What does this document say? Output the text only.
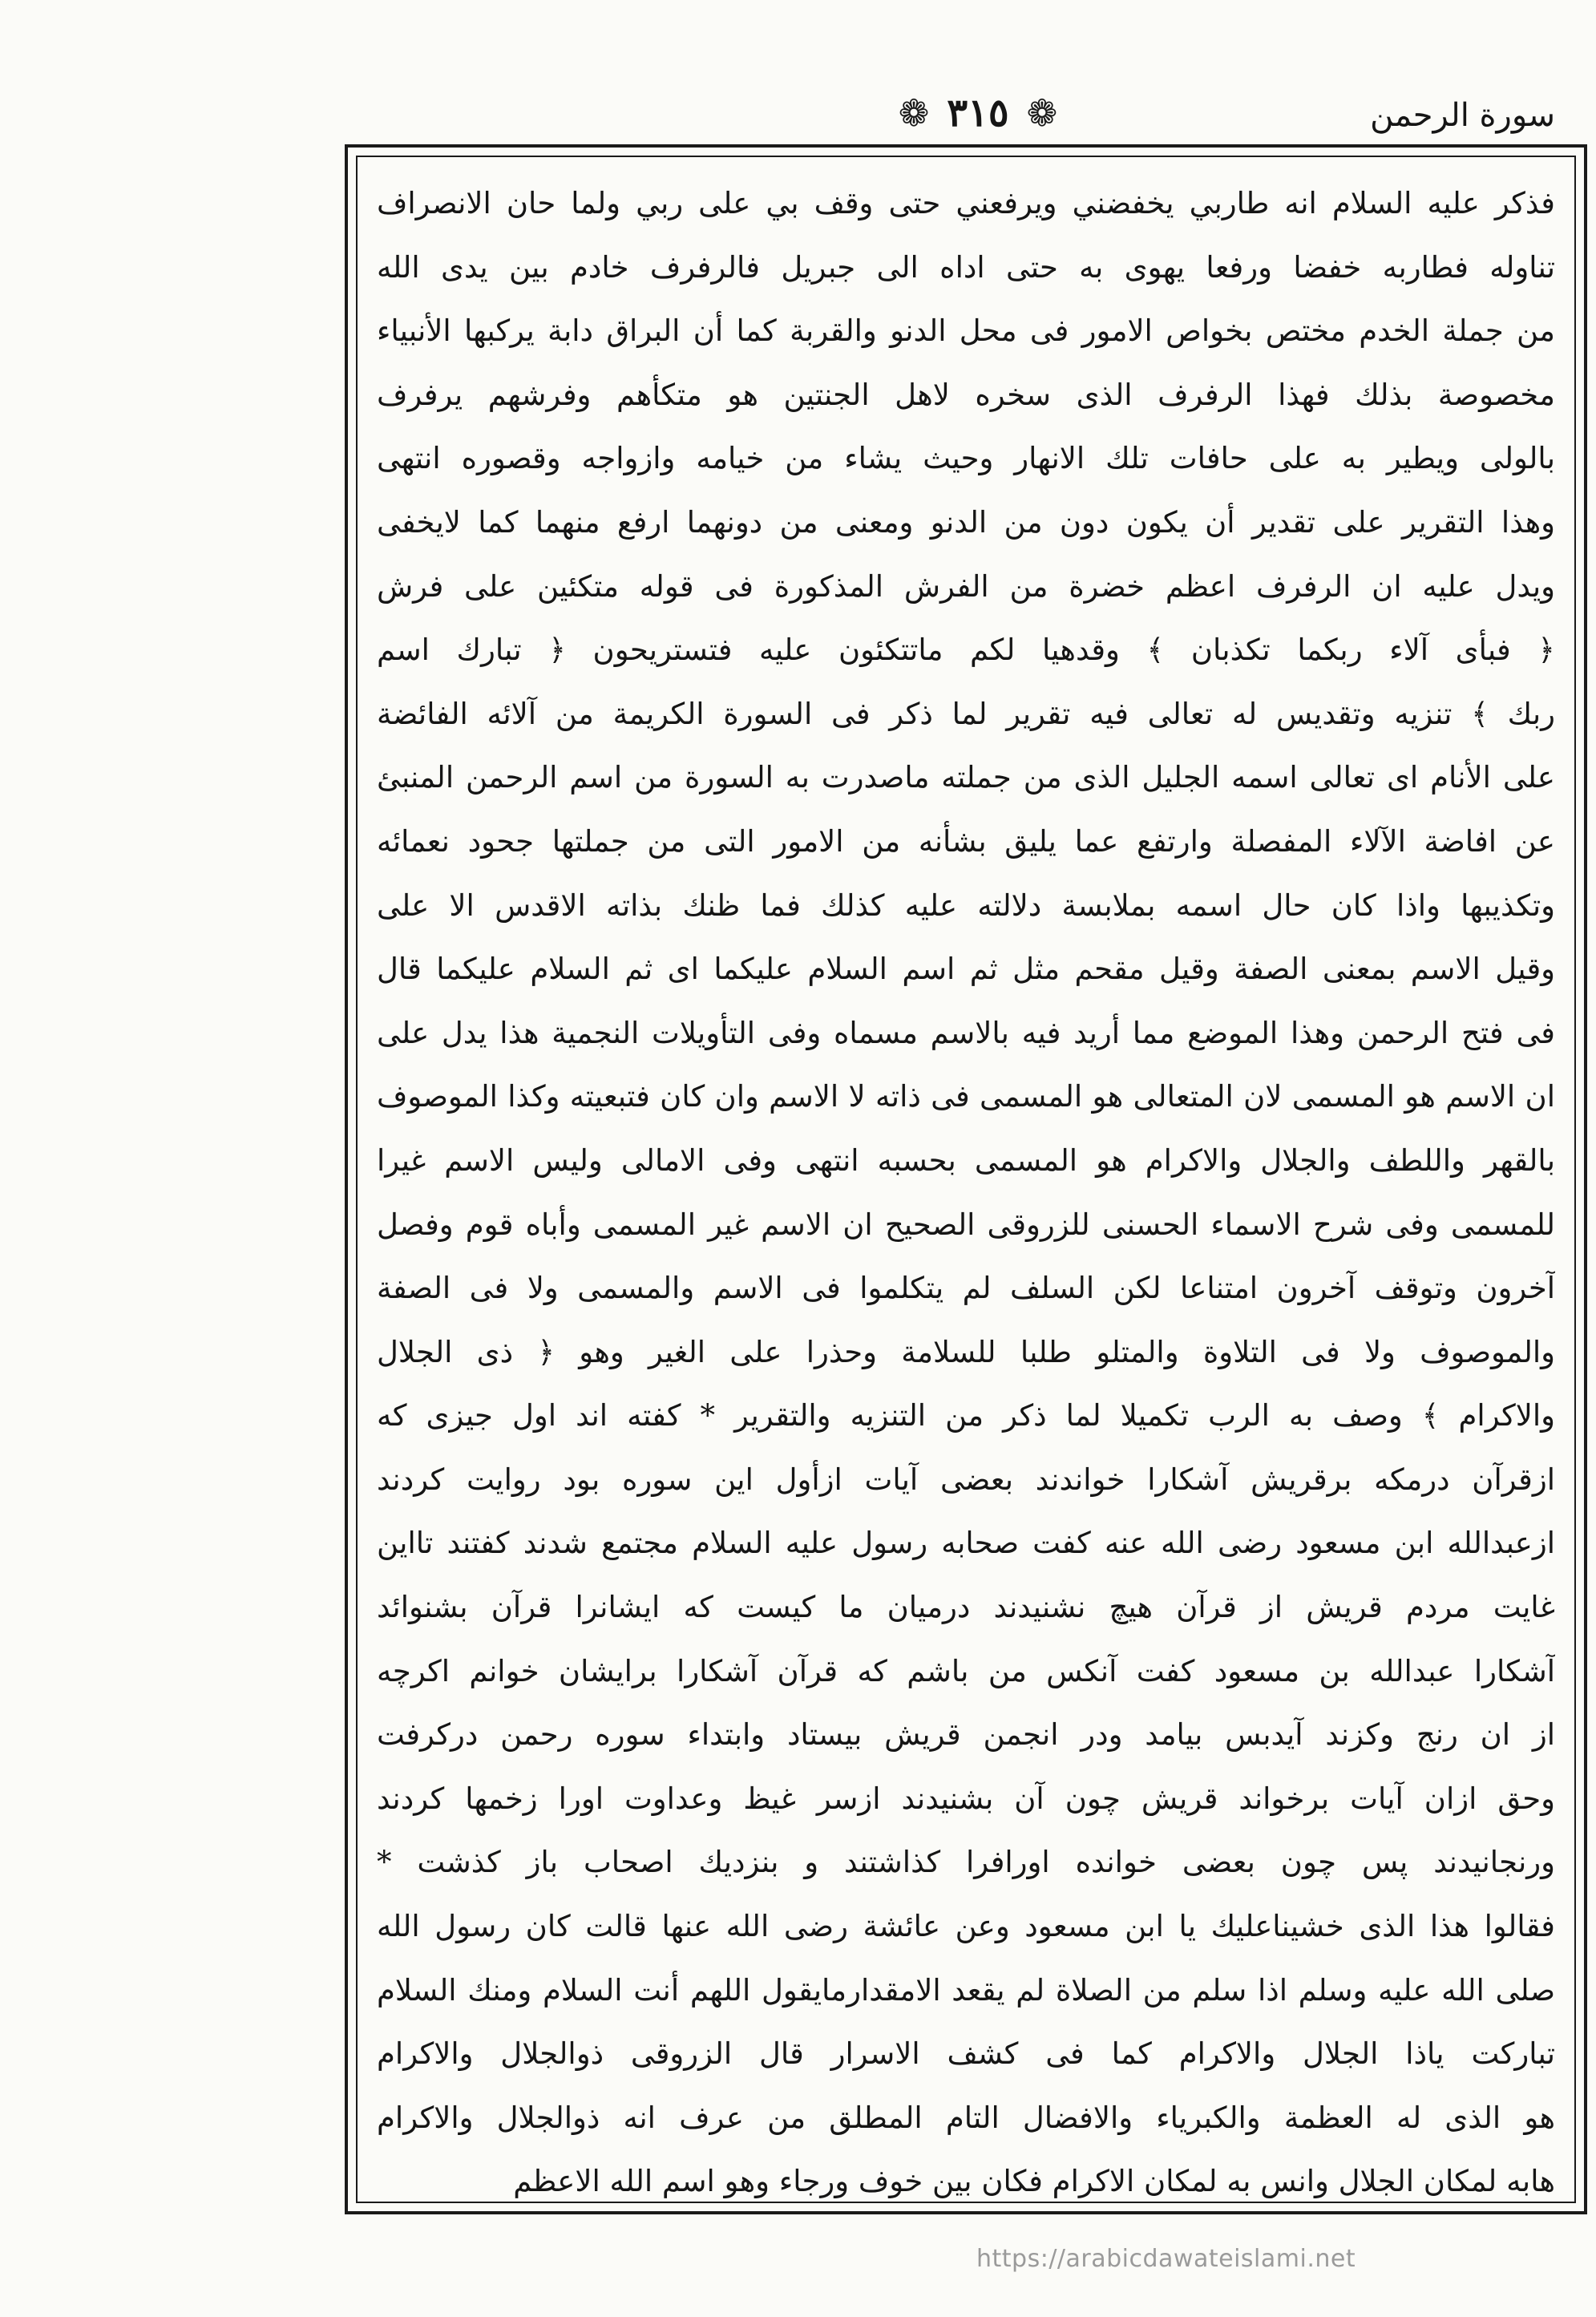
❁ ٣١٥ ❁	سورة الرحمن
فذكر عليه السلام انه طاربي يخفضني ويرفعني حتى وقف بي على ربي ولما حان الانصراف
تناوله فطاربه خفضا ورفعا يهوى به حتى اداه الى جبريل فالرفرف خادم بين يدى الله
من جملة الخدم مختص بخواص الامور فى محل الدنو والقربة كما أن البراق دابة يركبها الأنبياء
مخصوصة بذلك فهذا الرفرف الذى سخره لاهل الجنتين هو متكأهم وفرشهم يرفرف
بالولى ويطير به على حافات تلك الانهار وحيث يشاء من خيامه وازواجه وقصوره انتهى
وهذا التقرير على تقدير أن يكون دون من الدنو ومعنى من دونهما ارفع منهما كما لايخفى
ويدل عليه ان الرفرف اعظم خضرة من الفرش المذكورة فى قوله متكئين على فرش
﴿ فبأى آلاء ربكما تكذبان ﴾ وقدهيا لكم ماتتكئون عليه فتستريحون ﴿ تبارك اسم
ربك ﴾ تنزيه وتقديس له تعالى فيه تقرير لما ذكر فى السورة الكريمة من آلائه الفائضة
على الأنام اى تعالى اسمه الجليل الذى من جملته ماصدرت به السورة من اسم الرحمن المنبئ
عن افاضة الآلاء المفصلة وارتفع عما يليق بشأنه من الامور التى من جملتها جحود نعمائه
وتكذيبها واذا كان حال اسمه بملابسة دلالته عليه كذلك فما ظنك بذاته الاقدس الا على
وقيل الاسم بمعنى الصفة وقيل مقحم مثل ثم اسم السلام عليكما اى ثم السلام عليكما قال
فى فتح الرحمن وهذا الموضع مما أريد فيه بالاسم مسماه وفى التأويلات النجمية هذا يدل على
ان الاسم هو المسمى لان المتعالى هو المسمى فى ذاته لا الاسم وان كان فتبعيته وكذا الموصوف
بالقهر واللطف والجلال والاكرام هو المسمى بحسبه انتهى وفى الامالى وليس الاسم غيرا
للمسمى وفى شرح الاسماء الحسنى للزروقى الصحيح ان الاسم غير المسمى وأباه قوم وفصل
آخرون وتوقف آخرون امتناعا لكن السلف لم يتكلموا فى الاسم والمسمى ولا فى الصفة
والموصوف ولا فى التلاوة والمتلو طلبا للسلامة وحذرا على الغير وهو ﴿ ذى الجلال
والاكرام ﴾ وصف به الرب تكميلا لما ذكر من التنزيه والتقرير * كفته اند اول جيزى كه
ازقرآن درمكه برقريش آشكارا خواندند بعضى آيات ازأول اين سوره بود روايت كردند
ازعبدالله ابن مسعود رضى الله عنه كفت صحابه رسول عليه السلام مجتمع شدند كفتند تااين
غايت مردم قريش از قرآن هيچ نشنيدند درميان ما كيست كه ايشانرا قرآن بشنوائد
آشكارا عبدالله بن مسعود كفت آنكس من باشم كه قرآن آشكارا برايشان خوانم اكرچه
از ان رنج وكزند آيدبس بيامد ودر انجمن قريش بيستاد وابتداء سوره رحمن دركرفت
وحق ازان آيات برخواند قريش چون آن بشنيدند ازسر غيظ وعداوت اورا زخمها كردند
ورنجانيدند پس چون بعضى خوانده اورافرا كذاشتند و بنزديك اصحاب باز كذشت *
فقالوا هذا الذى خشيناعليك يا ابن مسعود وعن عائشة رضى الله عنها قالت كان رسول الله
صلى الله عليه وسلم اذا سلم من الصلاة لم يقعد الامقدارمايقول اللهم أنت السلام ومنك السلام
تباركت ياذا الجلال والاكرام كما فى كشف الاسرار قال الزروقى ذوالجلال والاكرام
هو الذى له العظمة والكبرياء والافضال التام المطلق من عرف انه ذوالجلال والاكرام
هابه لمكان الجلال وانس به لمكان الاكرام فكان بين خوف ورجاء وهو اسم الله الاعظم
https://arabicdawateislami.net
